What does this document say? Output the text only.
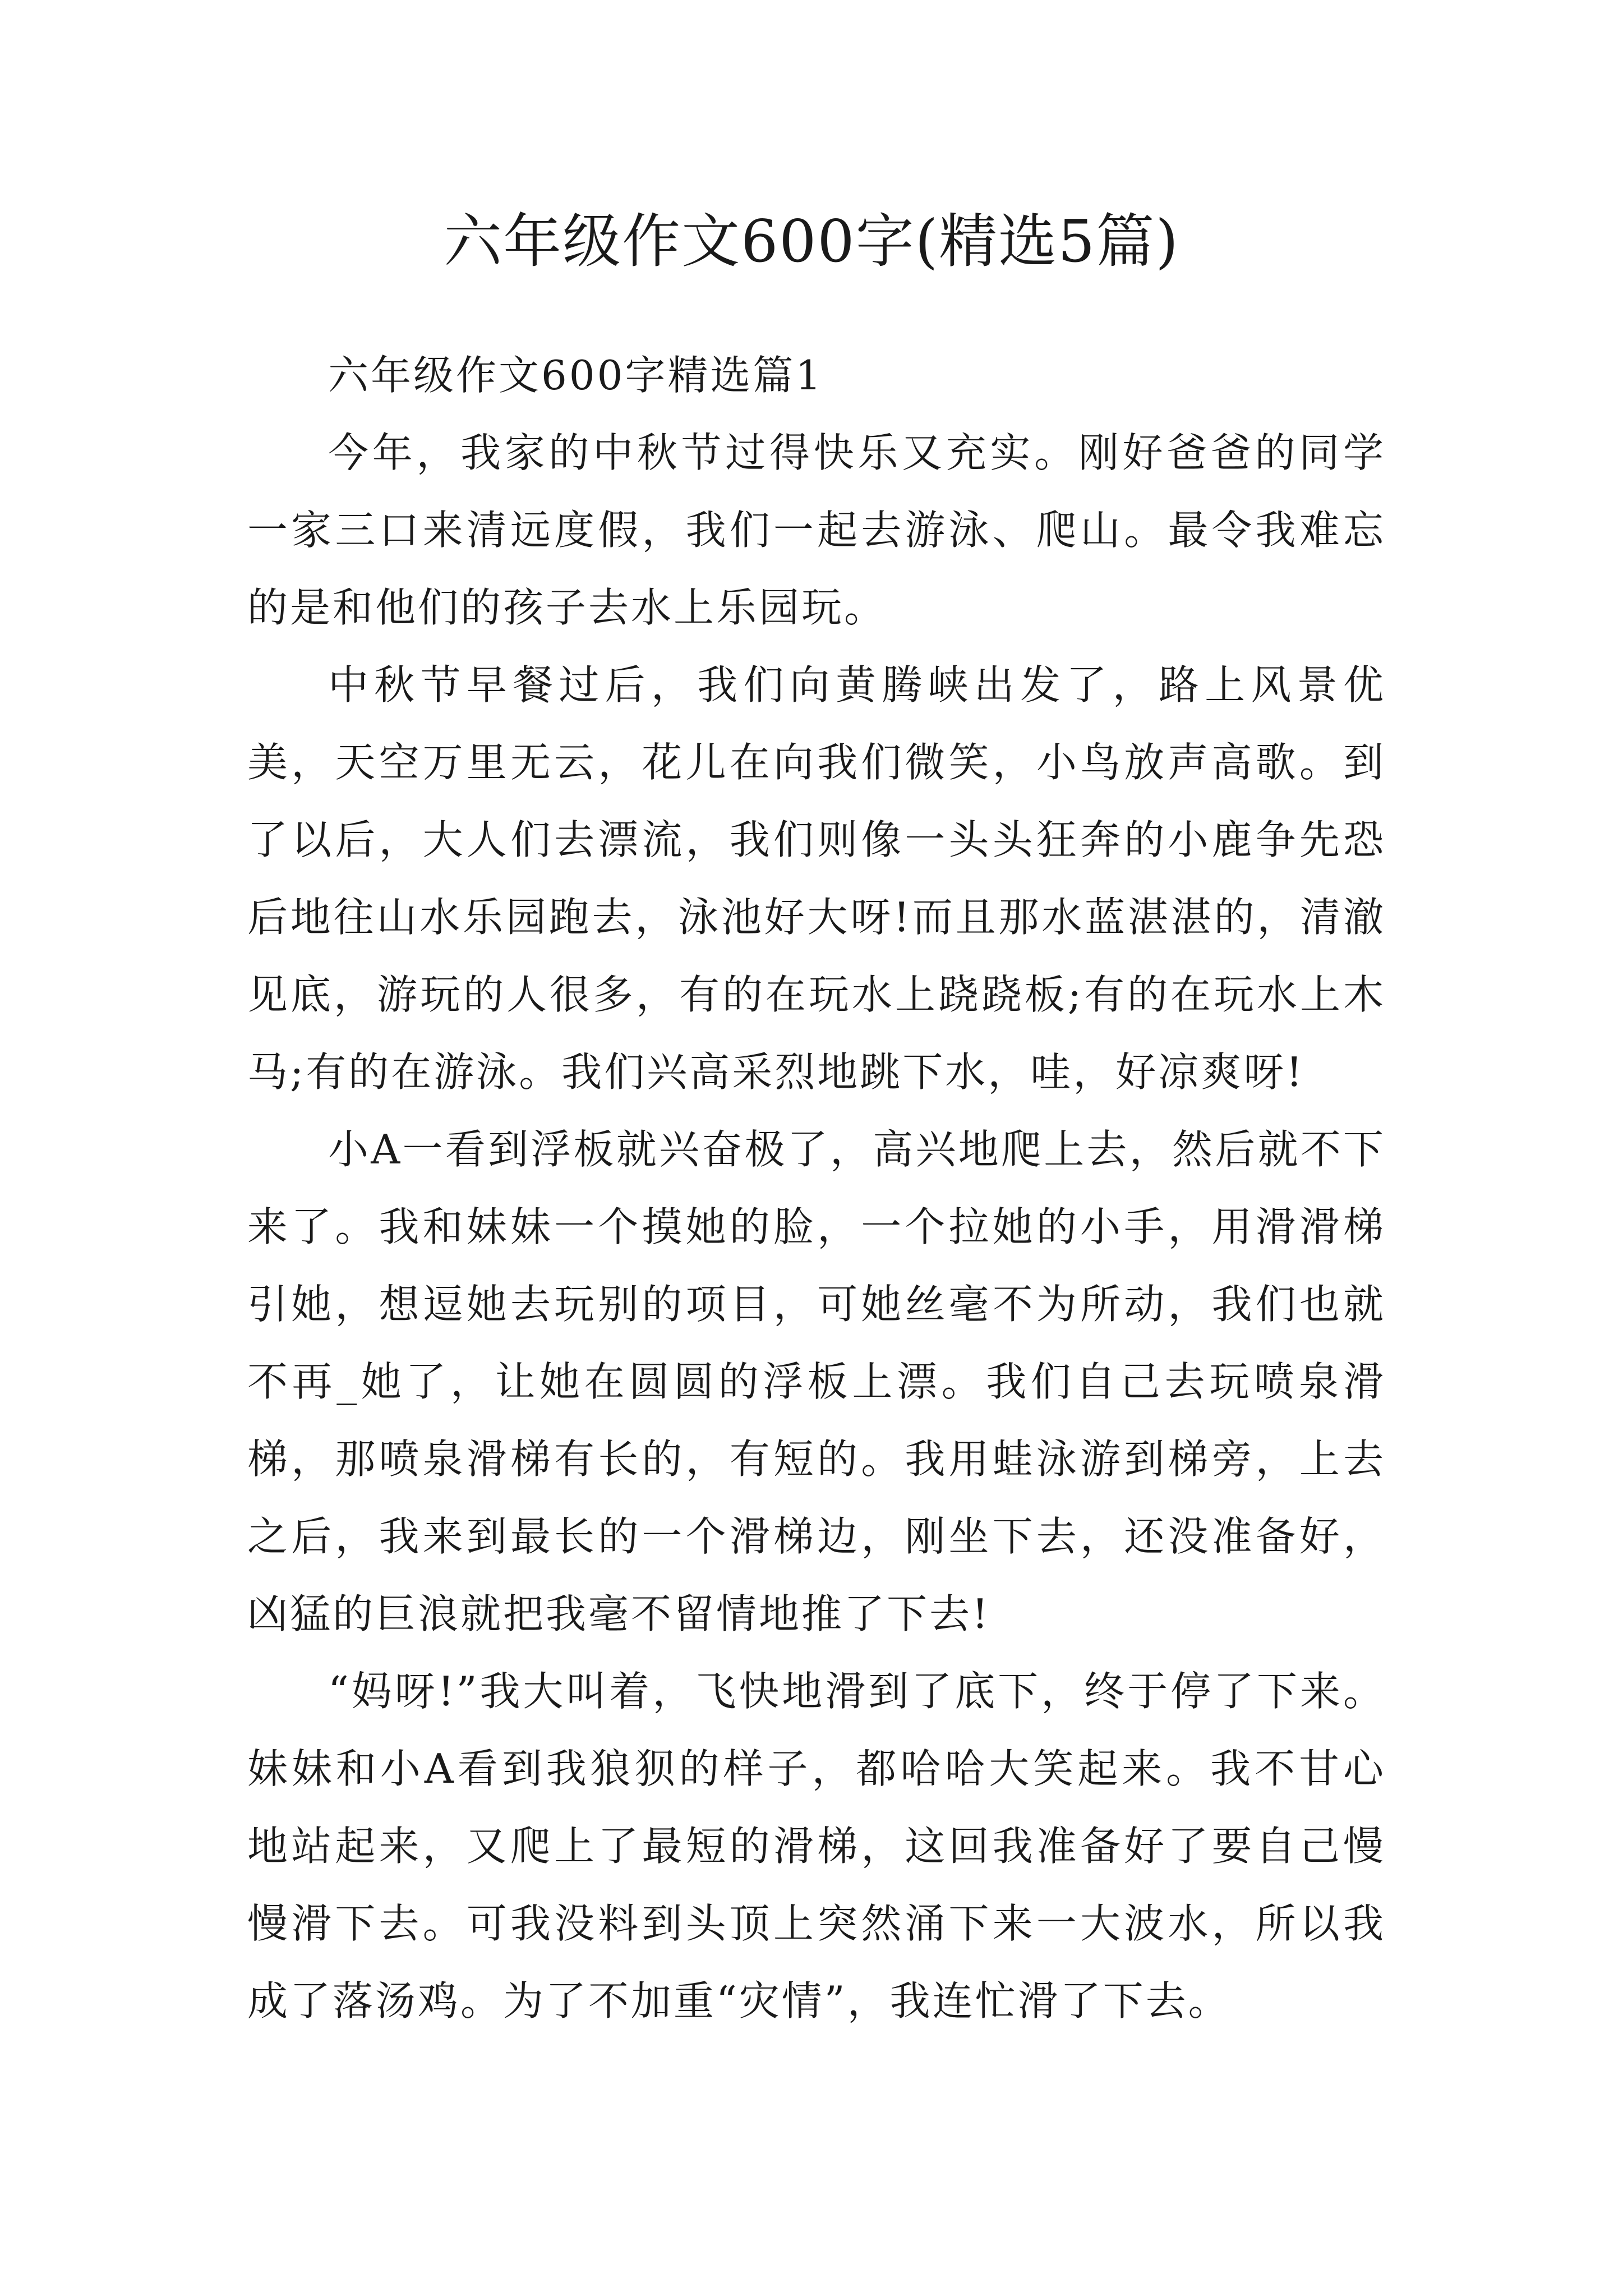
六年级作文600字(精选5篇)

六年级作文600字精选篇1

今年，我家的中秋节过得快乐又充实。刚好爸爸的同学一家三口来清远度假，我们一起去游泳、爬山。最令我难忘的是和他们的孩子去水上乐园玩。

中秋节早餐过后，我们向黄腾峡出发了，路上风景优美，天空万里无云，花儿在向我们微笑，小鸟放声高歌。到了以后，大人们去漂流，我们则像一头头狂奔的小鹿争先恐后地往山水乐园跑去，泳池好大呀!而且那水蓝湛湛的，清澈见底，游玩的人很多，有的在玩水上跷跷板;有的在玩水上木马;有的在游泳。我们兴高采烈地跳下水，哇，好凉爽呀!

小A一看到浮板就兴奋极了，高兴地爬上去，然后就不下来了。我和妹妹一个摸她的脸，一个拉她的小手，用滑滑梯引她，想逗她去玩别的项目，可她丝毫不为所动，我们也就不再_她了，让她在圆圆的浮板上漂。我们自己去玩喷泉滑梯，那喷泉滑梯有长的，有短的。我用蛙泳游到梯旁，上去之后，我来到最长的一个滑梯边，刚坐下去，还没准备好，凶猛的巨浪就把我毫不留情地推了下去!

“妈呀!”我大叫着，飞快地滑到了底下，终于停了下来。妹妹和小A看到我狼狈的样子，都哈哈大笑起来。我不甘心地站起来，又爬上了最短的滑梯，这回我准备好了要自己慢慢滑下去。可我没料到头顶上突然涌下来一大波水，所以我成了落汤鸡。为了不加重“灾情”，我连忙滑了下去。
